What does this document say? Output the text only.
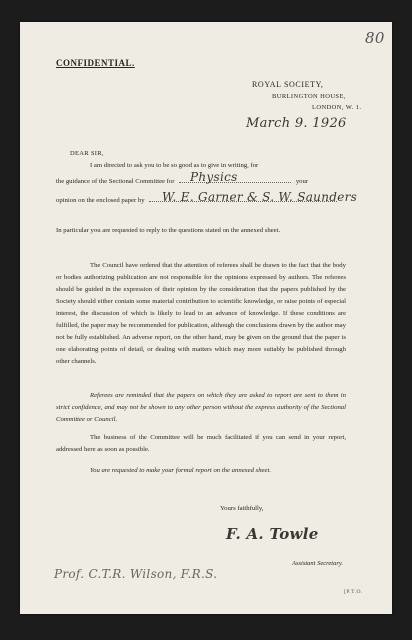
80
CONFIDENTIAL.
ROYAL SOCIETY,
BURLINGTON HOUSE,
LONDON, W. 1.
March 9. 1926
DEAR SIR,
I am directed to ask you to be so good as to give in writing, for
the guidance of the Sectional Committee for	your
Physics
opinion on the enclosed paper by	W. E. Garner & S. W. Saunders
In particular you are requested to reply to the questions stated on the annexed sheet.
The Council have ordered that the attention of referees shall be drawn to the fact that the body or bodies authorizing publication are not responsible for the opinions expressed by authors. The referees should be guided in the expression of their opinion by the consideration that the papers published by the Society should either contain some material contribution to scientific knowledge, or raise points of especial interest, the discussion of which is likely to lead to an advance of knowledge. If these conditions are fulfilled, the paper may be recommended for publication, although the conclusions drawn by the author may not be fully established. An adverse report, on the other hand, may be given on the ground that the paper is one elaborating points of detail, or dealing with matters which may more suitably be published through other channels.
Referees are reminded that the papers on which they are asked to report are sent to them in strict confidence, and may not be shown to any other person without the express authority of the Sectional Committee or Council.
The business of the Committee will be much facilitated if you can send in your report, addressed here as soon as possible.
You are requested to make your formal report on the annexed sheet.
Yours faithfully,
F. A. Towle
Assistant Secretary.
Prof. C.T.R. Wilson, F.R.S.
[P.T.O.
